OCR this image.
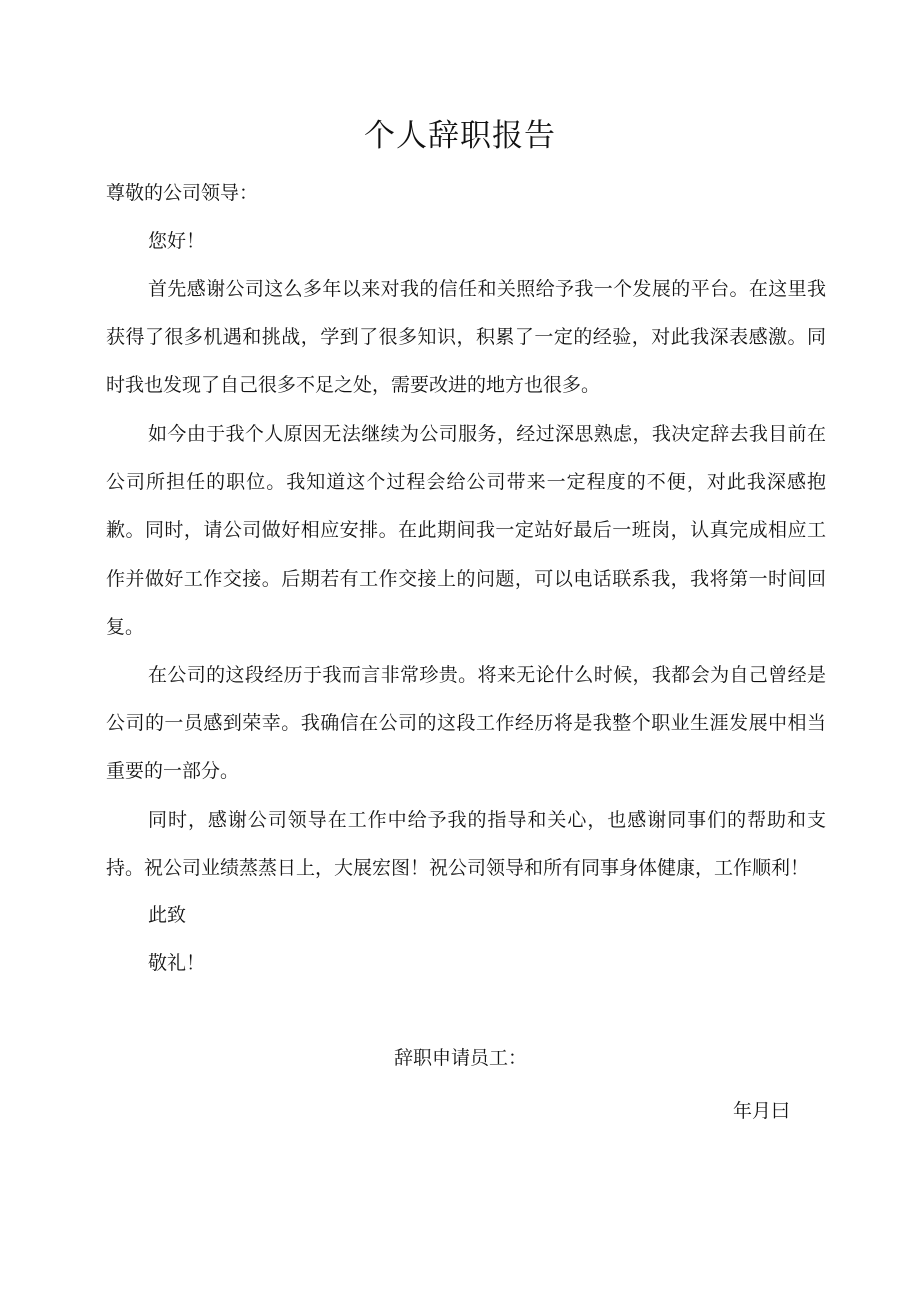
个人辞职报告

尊敬的公司领导：

您好！

首先感谢公司这么多年以来对我的信任和关照给予我一个发展的平台。在这里我获得了很多机遇和挑战，学到了很多知识，积累了一定的经验，对此我深表感激。同时我也发现了自己很多不足之处，需要改进的地方也很多。

如今由于我个人原因无法继续为公司服务，经过深思熟虑，我决定辞去我目前在公司所担任的职位。我知道这个过程会给公司带来一定程度的不便，对此我深感抱歉。同时，请公司做好相应安排。在此期间我一定站好最后一班岗，认真完成相应工作并做好工作交接。后期若有工作交接上的问题，可以电话联系我，我将第一时间回复。

在公司的这段经历于我而言非常珍贵。将来无论什么时候，我都会为自己曾经是公司的一员感到荣幸。我确信在公司的这段工作经历将是我整个职业生涯发展中相当重要的一部分。

同时，感谢公司领导在工作中给予我的指导和关心，也感谢同事们的帮助和支持。祝公司业绩蒸蒸日上，大展宏图！祝公司领导和所有同事身体健康，工作顺利！

此致

敬礼！

辞职申请员工：

年月曰
